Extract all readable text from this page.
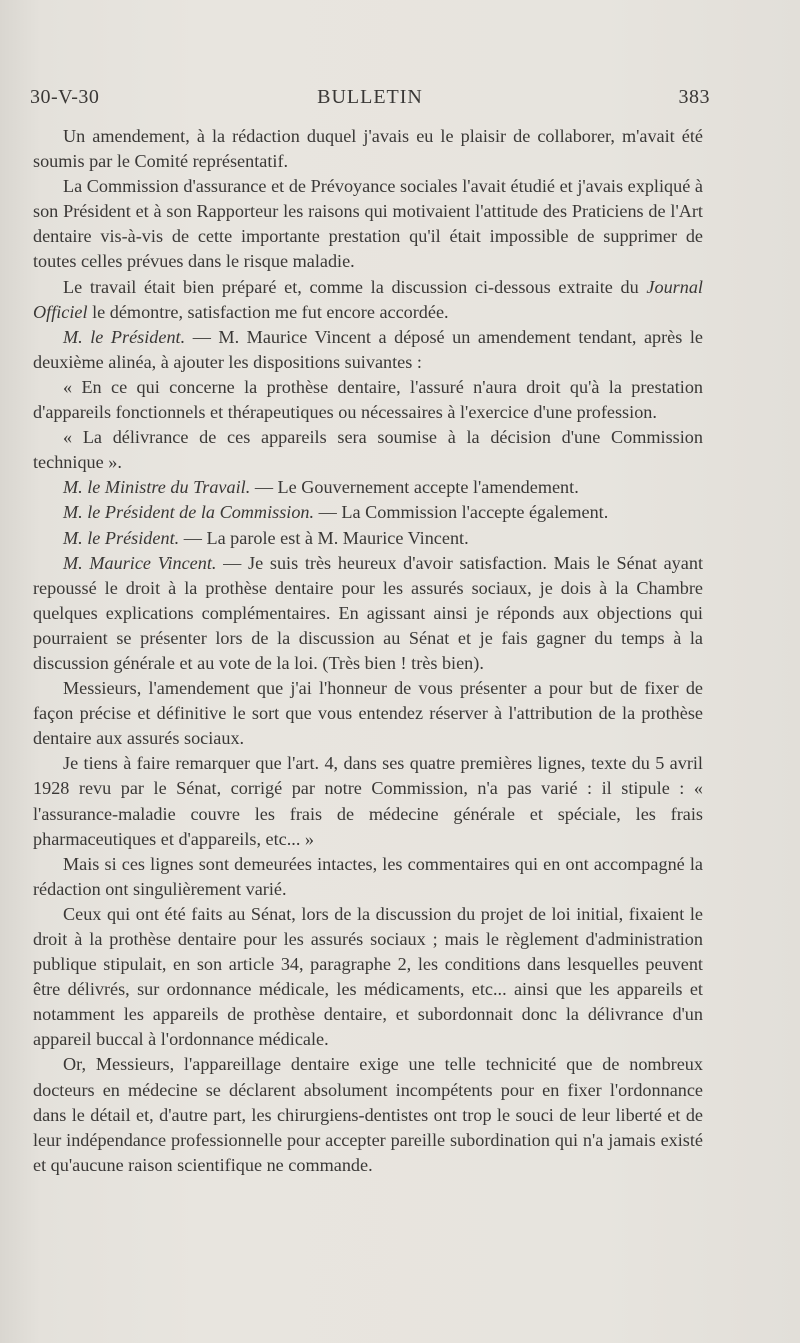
30-V-30	BULLETIN	383

Un amendement, à la rédaction duquel j'avais eu le plaisir de collaborer, m'avait été soumis par le Comité représentatif.

La Commission d'assurance et de Prévoyance sociales l'avait étudié et j'avais expliqué à son Président et à son Rapporteur les raisons qui motivaient l'attitude des Praticiens de l'Art dentaire vis-à-vis de cette importante prestation qu'il était impossible de supprimer de toutes celles prévues dans le risque maladie.

Le travail était bien préparé et, comme la discussion ci-dessous extraite du Journal Officiel le démontre, satisfaction me fut encore accordée.

M. le Président. — M. Maurice Vincent a déposé un amendement tendant, après le deuxième alinéa, à ajouter les dispositions suivantes :

« En ce qui concerne la prothèse dentaire, l'assuré n'aura droit qu'à la prestation d'appareils fonctionnels et thérapeutiques ou nécessaires à l'exercice d'une profession.

« La délivrance de ces appareils sera soumise à la décision d'une Commission technique ».

M. le Ministre du Travail. — Le Gouvernement accepte l'amendement.

M. le Président de la Commission. — La Commission l'accepte également.

M. le Président. — La parole est à M. Maurice Vincent.

M. Maurice Vincent. — Je suis très heureux d'avoir satisfaction. Mais le Sénat ayant repoussé le droit à la prothèse dentaire pour les assurés sociaux, je dois à la Chambre quelques explications complémentaires. En agissant ainsi je réponds aux objections qui pourraient se présenter lors de la discussion au Sénat et je fais gagner du temps à la discussion générale et au vote de la loi. (Très bien ! très bien).

Messieurs, l'amendement que j'ai l'honneur de vous présenter a pour but de fixer de façon précise et définitive le sort que vous entendez réserver à l'attribution de la prothèse dentaire aux assurés sociaux.

Je tiens à faire remarquer que l'art. 4, dans ses quatre premières lignes, texte du 5 avril 1928 revu par le Sénat, corrigé par notre Commission, n'a pas varié : il stipule : « l'assurance-maladie couvre les frais de médecine générale et spéciale, les frais pharmaceutiques et d'appareils, etc... »

Mais si ces lignes sont demeurées intactes, les commentaires qui en ont accompagné la rédaction ont singulièrement varié.

Ceux qui ont été faits au Sénat, lors de la discussion du projet de loi initial, fixaient le droit à la prothèse dentaire pour les assurés sociaux ; mais le règlement d'administration publique stipulait, en son article 34, paragraphe 2, les conditions dans lesquelles peuvent être délivrés, sur ordonnance médicale, les médicaments, etc... ainsi que les appareils et notamment les appareils de prothèse dentaire, et subordonnait donc la délivrance d'un appareil buccal à l'ordonnance médicale.

Or, Messieurs, l'appareillage dentaire exige une telle technicité que de nombreux docteurs en médecine se déclarent absolument incompétents pour en fixer l'ordonnance dans le détail et, d'autre part, les chirurgiens-dentistes ont trop le souci de leur liberté et de leur indépendance professionnelle pour accepter pareille subordination qui n'a jamais existé et qu'aucune raison scientifique ne commande.
